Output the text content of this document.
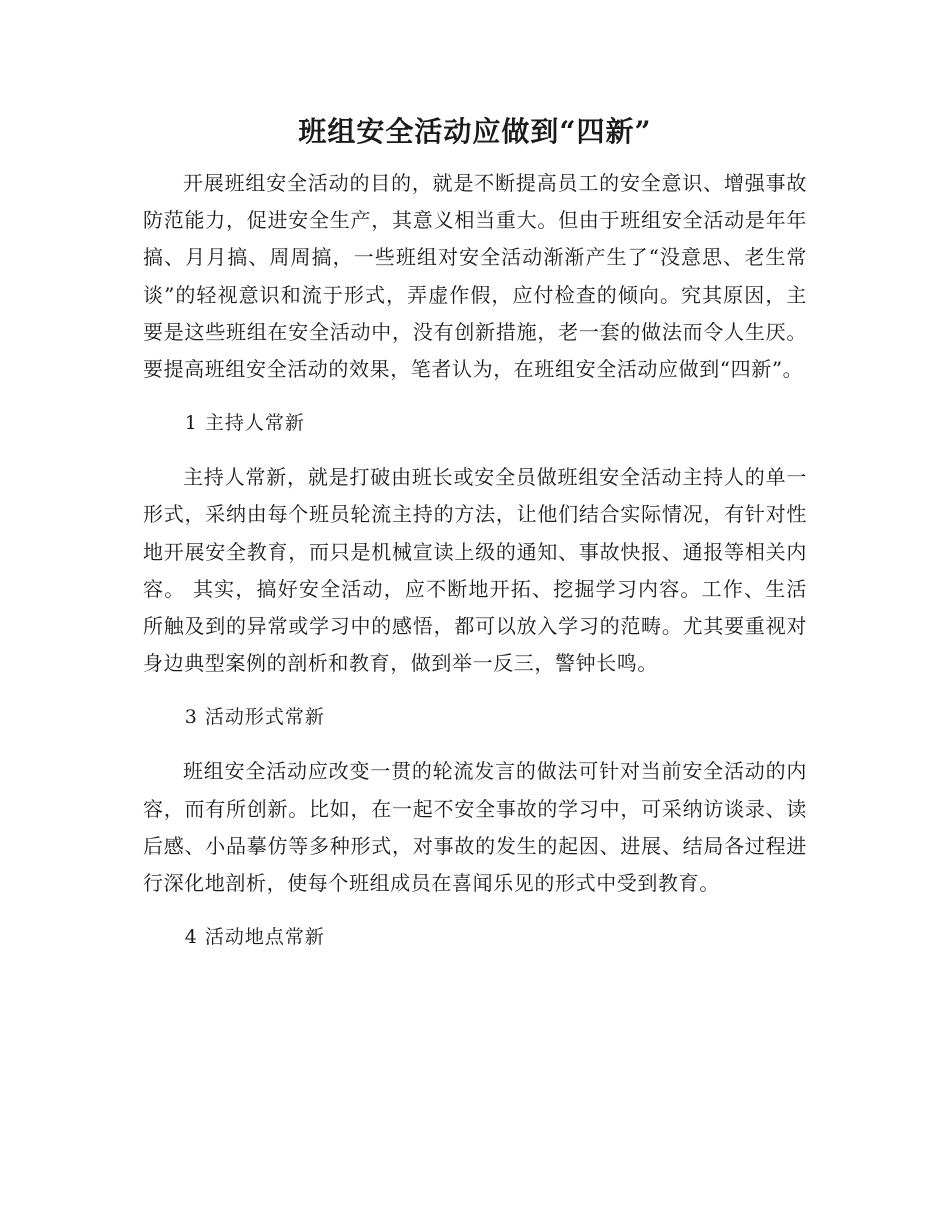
班组安全活动应做到“四新”

开展班组安全活动的目的，就是不断提高员工的安全意识、增强事故防范能力，促进安全生产，其意义相当重大。但由于班组安全活动是年年搞、月月搞、周周搞，一些班组对安全活动渐渐产生了“没意思、老生常谈”的轻视意识和流于形式，弄虚作假，应付检查的倾向。究其原因，主要是这些班组在安全活动中，没有创新措施，老一套的做法而令人生厌。 要提高班组安全活动的效果，笔者认为，在班组安全活动应做到“四新”。

1 主持人常新

主持人常新，就是打破由班长或安全员做班组安全活动主持人的单一形式，采纳由每个班员轮流主持的方法，让他们结合实际情况，有针对性地开展安全教育，而只是机械宣读上级的通知、事故快报、通报等相关内容。 其实，搞好安全活动，应不断地开拓、挖掘学习内容。工作、生活所触及到的异常或学习中的感悟，都可以放入学习的范畴。尤其要重视对身边典型案例的剖析和教育，做到举一反三，警钟长鸣。

3 活动形式常新

班组安全活动应改变一贯的轮流发言的做法可针对当前安全活动的内容，而有所创新。比如，在一起不安全事故的学习中，可采纳访谈录、读后感、小品摹仿等多种形式，对事故的发生的起因、进展、结局各过程进行深化地剖析，使每个班组成员在喜闻乐见的形式中受到教育。

4 活动地点常新
